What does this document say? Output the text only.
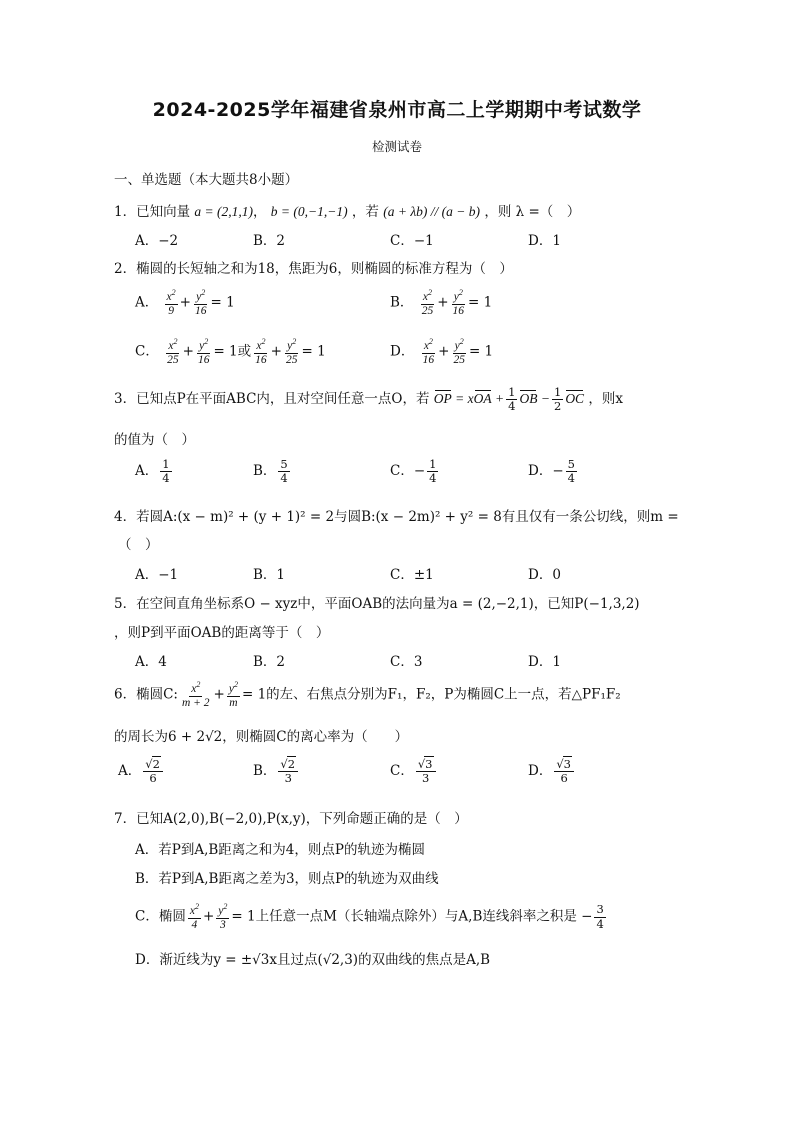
2024-2025学年福建省泉州市高二上学期期中考试数学
检测试卷
一、单选题（本大题共8小题）
1．已知向量 a = (2,1,1)， b = (0,−1,−1) ，若 (a + λb) // (a − b) ，则 λ =（　）
A．−2	B．2	C．−1	D．1
2．椭圆的长短轴之和为18，焦距为6，则椭圆的标准方程为（　）
A． $\frac{x^2}{9} + \frac{y^2}{16} = 1$	B． $\frac{x^2}{25} + \frac{y^2}{16} = 1$
C． $\frac{x^2}{25} + \frac{y^2}{16} = 1$或 $\frac{x^2}{16} + \frac{y^2}{25} = 1$	D． $\frac{x^2}{16} + \frac{y^2}{25} = 1$
3．已知点P在平面ABC内，且对空间任意一点O，若 OP = xOA + $\frac{1}{4}$ OB − $\frac{1}{2}$ OC ，则x
的值为（　）
A． $\frac{1}{4}$	B． $\frac{5}{4}$	C．− $\frac{1}{4}$	D．− $\frac{5}{4}$
4．若圆A:(x − m)² + (y + 1)² = 2与圆B:(x − 2m)² + y² = 8有且仅有一条公切线，则m =
（　）
A．−1	B．1	C．±1	D．0
5．在空间直角坐标系O − xyz中，平面OAB的法向量为a = (2,−2,1)，已知P(−1,3,2)
，则P到平面OAB的距离等于（　）
A．4	B．2	C．3	D．1
6．椭圆C: $\frac{x^2}{m + 2} + \frac{y^2}{m} = 1$的左、右焦点分别为F₁，F₂，P为椭圆C上一点，若△PF₁F₂
的周长为6 + 2√2，则椭圆C的离心率为（　　）
A． $\frac{√2}{6}$	B． $\frac{√2}{3}$	C． $\frac{√3}{3}$	D． $\frac{√3}{6}$
7．已知A(2,0),B(−2,0),P(x,y)，下列命题正确的是（　）
A．若P到A,B距离之和为4，则点P的轨迹为椭圆
B．若P到A,B距离之差为3，则点P的轨迹为双曲线
C．椭圆 $\frac{x^2}{4} + \frac{y^2}{3} = 1$上任意一点M（长轴端点除外）与A,B连线斜率之积是 − $\frac{3}{4}$
D．渐近线为y = ±√3x且过点(√2,3)的双曲线的焦点是A,B
